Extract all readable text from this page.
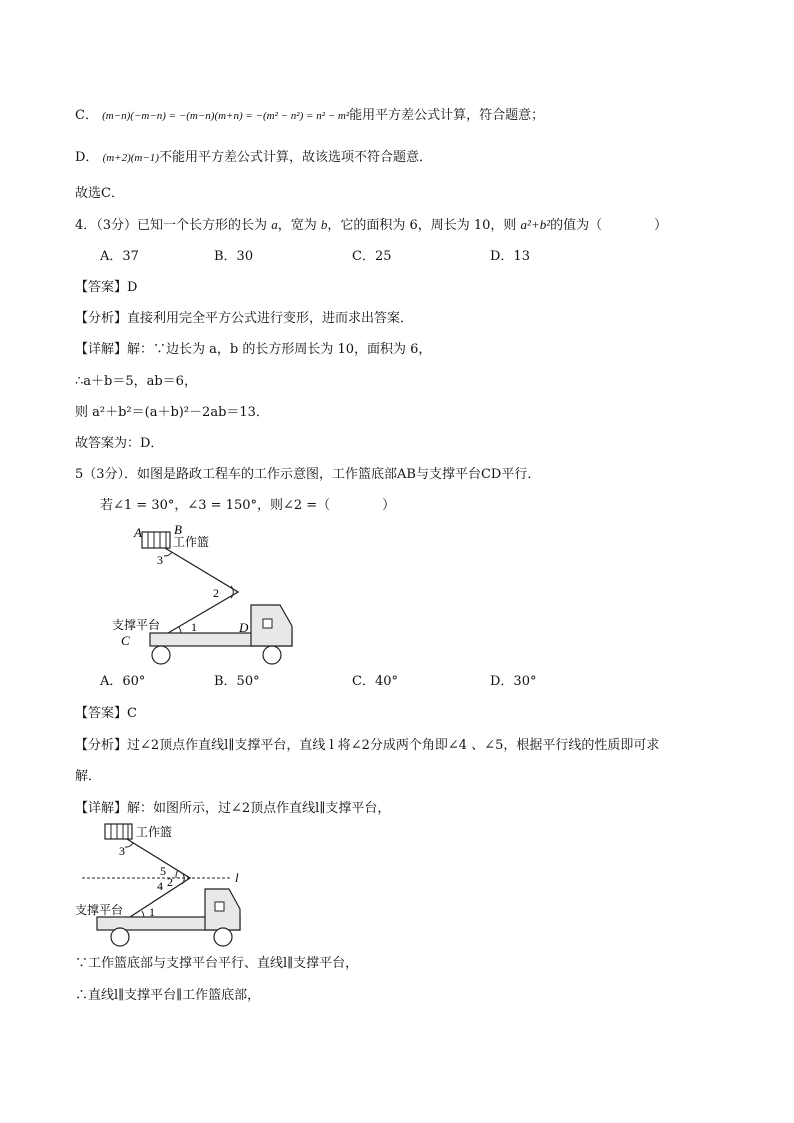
C． (m−n)(−m−n) = −(m−n)(m+n) = −(m² − n²) = n² − m²能用平方差公式计算，符合题意；
D． (m+2)(m−1)不能用平方差公式计算，故该选项不符合题意．
故选C．
4．（3分）已知一个长方形的长为 a，宽为 b，它的面积为 6，周长为 10，则 a²+b²的值为（　　　　）
A．37	B．30	C．25	D．13
【答案】D
【分析】直接利用完全平方公式进行变形，进而求出答案．
【详解】解：∵边长为 a，b 的长方形周长为 10，面积为 6，
∴a＋b＝5，ab＝6，
则 a²＋b²＝(a＋b)²－2ab＝13．
故答案为：D．
5（3分）．如图是路政工程车的工作示意图，工作篮底部AB与支撑平台CD平行．
若∠1 = 30°，∠3 = 150°，则∠2 =（　　　　）
A B
工作篮
3
2
支撑平台	1
C
D
A．60°	B．50°	C．40°	D．30°
【答案】C
【分析】过∠2顶点作直线l∥支撑平台，直线 l 将∠2分成两个角即∠4 、∠5，根据平行线的性质即可求
解．
【详解】解：如图所示，过∠2顶点作直线l∥支撑平台，
工作篮
3
5
4 2	l
支撑平台 1
∵工作篮底部与支撑平台平行、直线l∥支撑平台，
∴直线l∥支撑平台∥工作篮底部，
